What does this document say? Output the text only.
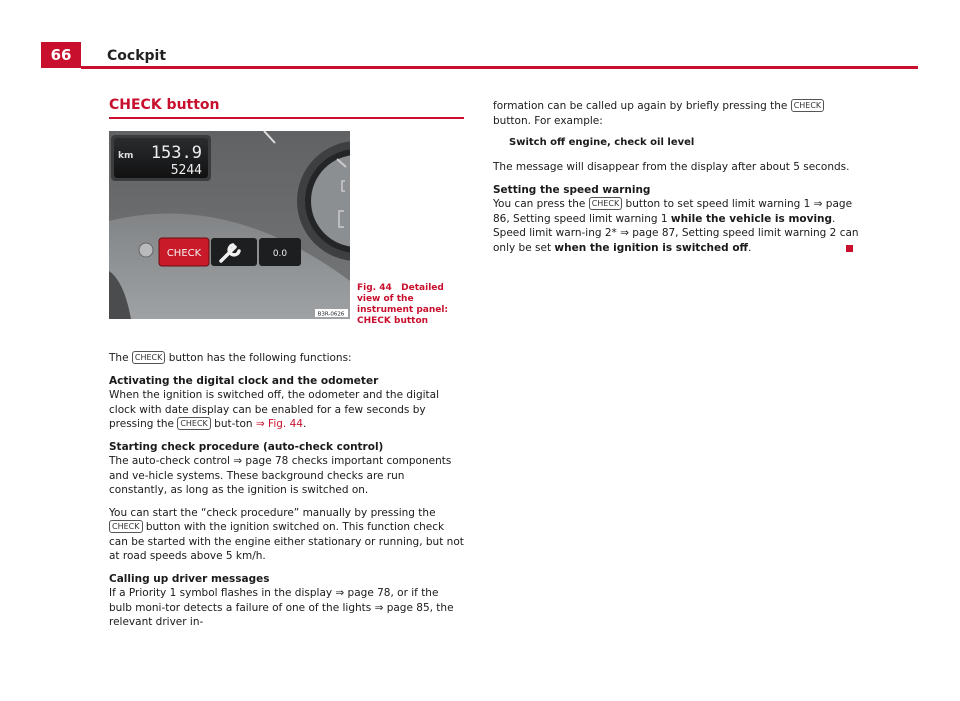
66	Cockpit
CHECK button
km 153.9
5244
CHECK	0.0
B3R-0626
Fig. 44 Detailed view of the instrument panel: CHECK button

The CHECK button has the following functions:

Activating the digital clock and the odometer

When the ignition is switched off, the odometer and the digital clock with date display can be enabled for a few seconds by pressing the CHECK but-ton ⇒ Fig. 44.

Starting check procedure (auto-check control)

The auto-check control ⇒ page 78 checks important components and ve-hicle systems. These background checks are run constantly, as long as the ignition is switched on.

You can start the “check procedure” manually by pressing the CHECK button with the ignition switched on. This function check can be started with the engine either stationary or running, but not at road speeds above 5 km/h.

Calling up driver messages

If a Priority 1 symbol flashes in the display ⇒ page 78, or if the bulb moni-tor detects a failure of one of the lights ⇒ page 85, the relevant driver in-

formation can be called up again by briefly pressing the CHECK button. For example:

Switch off engine, check oil level

The message will disappear from the display after about 5 seconds.

Setting the speed warning

You can press the CHECK button to set speed limit warning 1 ⇒ page 86, Setting speed limit warning 1 while the vehicle is moving. Speed limit warn-ing 2* ⇒ page 87, Setting speed limit warning 2 can only be set when the ignition is switched off.
